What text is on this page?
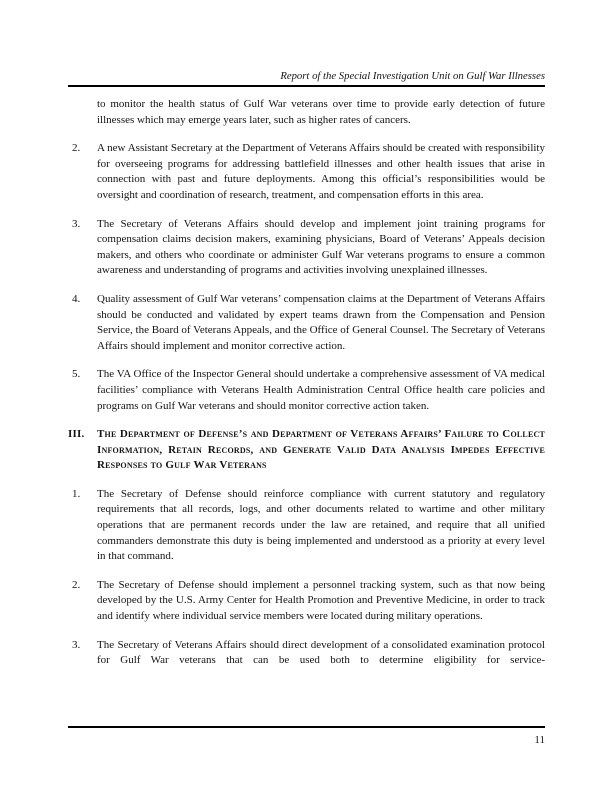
Report of the Special Investigation Unit on Gulf War Illnesses

to monitor the health status of Gulf War veterans over time to provide early detection of future illnesses which may emerge years later, such as higher rates of cancers.

2.	A new Assistant Secretary at the Department of Veterans Affairs should be created with responsibility for overseeing programs for addressing battlefield illnesses and other health issues that arise in connection with past and future deployments. Among this official’s responsibilities would be oversight and coordination of research, treatment, and compensation efforts in this area.
3.	The Secretary of Veterans Affairs should develop and implement joint training programs for compensation claims decision makers, examining physicians, Board of Veterans’ Appeals decision makers, and others who coordinate or administer Gulf War veterans programs to ensure a common awareness and understanding of programs and activities involving unexplained illnesses.
4.	Quality assessment of Gulf War veterans’ compensation claims at the Department of Veterans Affairs should be conducted and validated by expert teams drawn from the Compensation and Pension Service, the Board of Veterans Appeals, and the Office of General Counsel. The Secretary of Veterans Affairs should implement and monitor corrective action.
5.	The VA Office of the Inspector General should undertake a comprehensive assessment of VA medical facilities’ compliance with Veterans Health Administration Central Office health care policies and programs on Gulf War veterans and should monitor corrective action taken.
III.	The Department of Defense’s and Department of Veterans Affairs’ Failure to Collect Information, Retain Records, and Generate Valid Data Analysis Impedes Effective Responses to Gulf War Veterans
1.	The Secretary of Defense should reinforce compliance with current statutory and regulatory requirements that all records, logs, and other documents related to wartime and other military operations that are permanent records under the law are retained, and require that all unified commanders demonstrate this duty is being implemented and understood as a priority at every level in that command.
2.	The Secretary of Defense should implement a personnel tracking system, such as that now being developed by the U.S. Army Center for Health Promotion and Preventive Medicine, in order to track and identify where individual service members were located during military operations.
3.	The Secretary of Veterans Affairs should direct development of a consolidated examination protocol for Gulf War veterans that can be used both to determine eligibility for service-
11
